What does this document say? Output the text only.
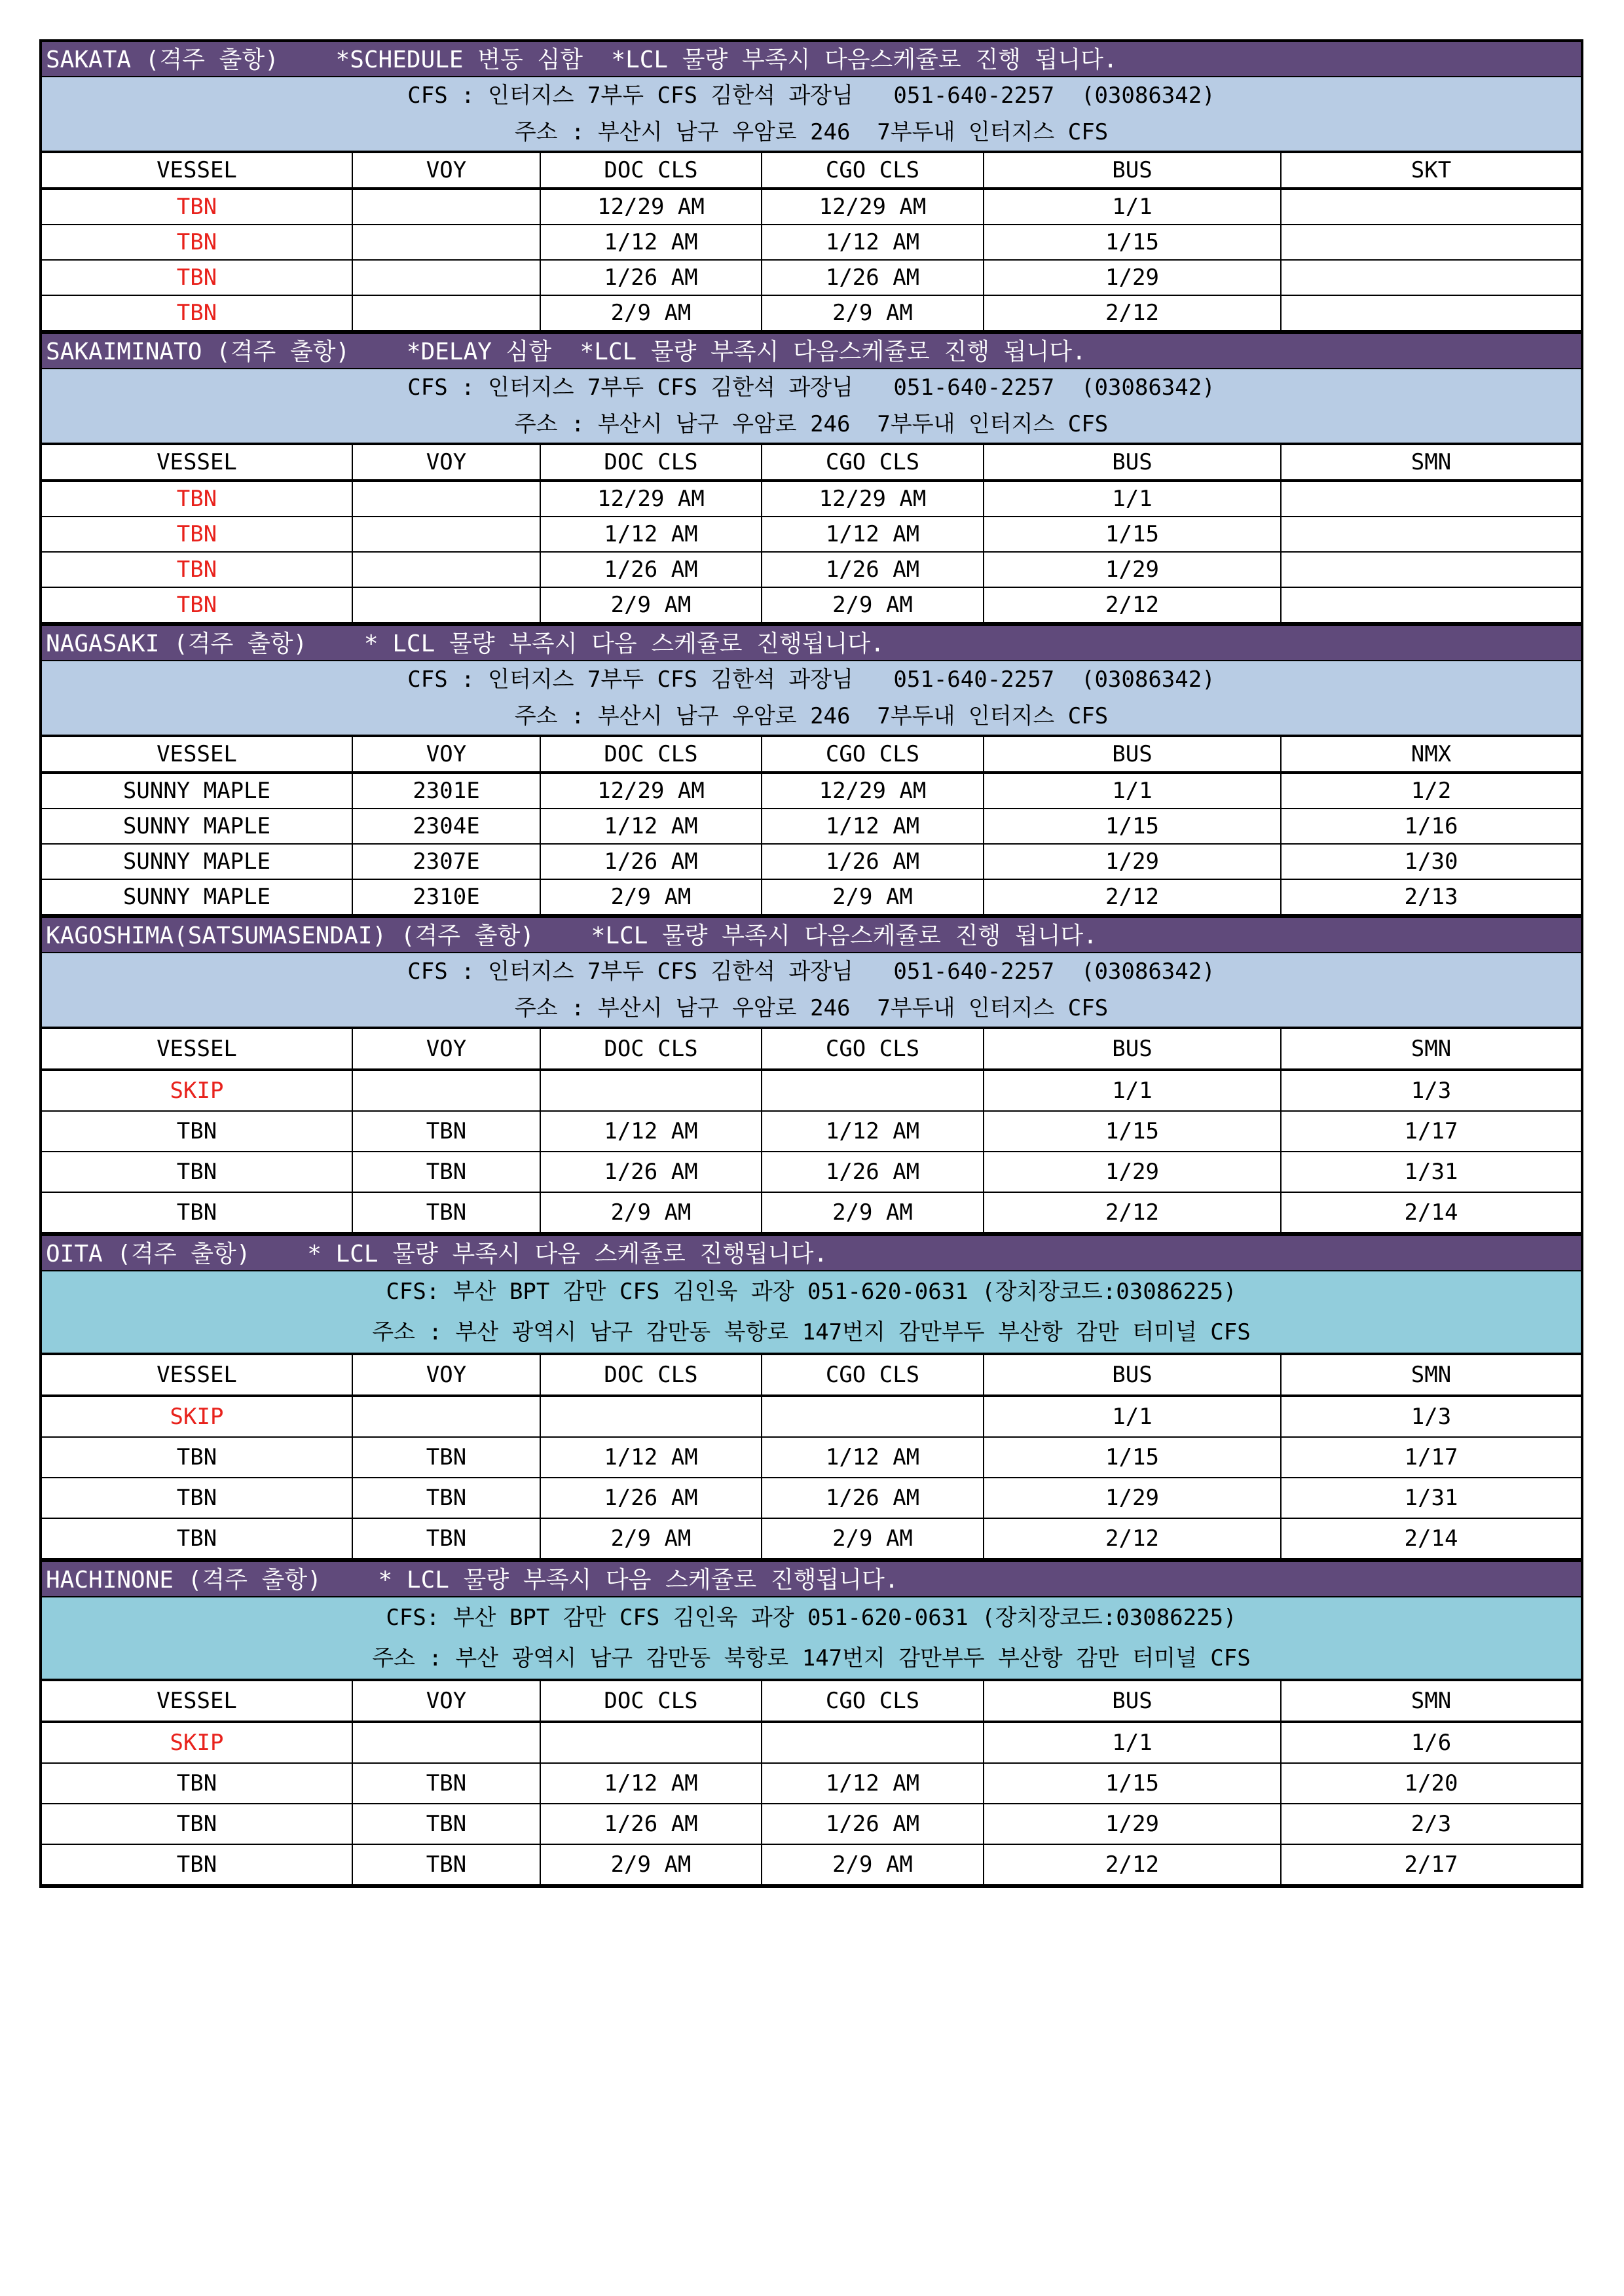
SAKATA (격주 출항)    *SCHEDULE 변동 심함  *LCL 물량 부족시 다음스케쥴로 진행 됩니다.
CFS : 인터지스 7부두 CFS 김한석 과장님   051-640-2257  (03086342)
주소 : 부산시 남구 우암로 246  7부두내 인터지스 CFS
VESSEL	VOY	DOC CLS	CGO CLS	BUS	SKT
TBN		12/29 AM	12/29 AM	1/1	
TBN		1/12 AM	1/12 AM	1/15	
TBN		1/26 AM	1/26 AM	1/29	
TBN		2/9 AM	2/9 AM	2/12	
SAKAIMINATO (격주 출항)    *DELAY 심함  *LCL 물량 부족시 다음스케쥴로 진행 됩니다.
CFS : 인터지스 7부두 CFS 김한석 과장님   051-640-2257  (03086342)
주소 : 부산시 남구 우암로 246  7부두내 인터지스 CFS
VESSEL	VOY	DOC CLS	CGO CLS	BUS	SMN
TBN		12/29 AM	12/29 AM	1/1	
TBN		1/12 AM	1/12 AM	1/15	
TBN		1/26 AM	1/26 AM	1/29	
TBN		2/9 AM	2/9 AM	2/12	
NAGASAKI (격주 출항)    * LCL 물량 부족시 다음 스케쥴로 진행됩니다.
CFS : 인터지스 7부두 CFS 김한석 과장님   051-640-2257  (03086342)
주소 : 부산시 남구 우암로 246  7부두내 인터지스 CFS
VESSEL	VOY	DOC CLS	CGO CLS	BUS	NMX
SUNNY MAPLE	2301E	12/29 AM	12/29 AM	1/1	1/2
SUNNY MAPLE	2304E	1/12 AM	1/12 AM	1/15	1/16
SUNNY MAPLE	2307E	1/26 AM	1/26 AM	1/29	1/30
SUNNY MAPLE	2310E	2/9 AM	2/9 AM	2/12	2/13
KAGOSHIMA(SATSUMASENDAI) (격주 출항)    *LCL 물량 부족시 다음스케쥴로 진행 됩니다.
CFS : 인터지스 7부두 CFS 김한석 과장님   051-640-2257  (03086342)
주소 : 부산시 남구 우암로 246  7부두내 인터지스 CFS
VESSEL	VOY	DOC CLS	CGO CLS	BUS	SMN
SKIP				1/1	1/3
TBN	TBN	1/12 AM	1/12 AM	1/15	1/17
TBN	TBN	1/26 AM	1/26 AM	1/29	1/31
TBN	TBN	2/9 AM	2/9 AM	2/12	2/14
OITA (격주 출항)    * LCL 물량 부족시 다음 스케쥴로 진행됩니다.
CFS: 부산 BPT 감만 CFS 김인욱 과장 051-620-0631 (장치장코드:03086225)
주소 : 부산 광역시 남구 감만동 북항로 147번지 감만부두 부산항 감만 터미널 CFS
VESSEL	VOY	DOC CLS	CGO CLS	BUS	SMN
SKIP				1/1	1/3
TBN	TBN	1/12 AM	1/12 AM	1/15	1/17
TBN	TBN	1/26 AM	1/26 AM	1/29	1/31
TBN	TBN	2/9 AM	2/9 AM	2/12	2/14
HACHINONE (격주 출항)    * LCL 물량 부족시 다음 스케쥴로 진행됩니다.
CFS: 부산 BPT 감만 CFS 김인욱 과장 051-620-0631 (장치장코드:03086225)
주소 : 부산 광역시 남구 감만동 북항로 147번지 감만부두 부산항 감만 터미널 CFS
VESSEL	VOY	DOC CLS	CGO CLS	BUS	SMN
SKIP				1/1	1/6
TBN	TBN	1/12 AM	1/12 AM	1/15	1/20
TBN	TBN	1/26 AM	1/26 AM	1/29	2/3
TBN	TBN	2/9 AM	2/9 AM	2/12	2/17
